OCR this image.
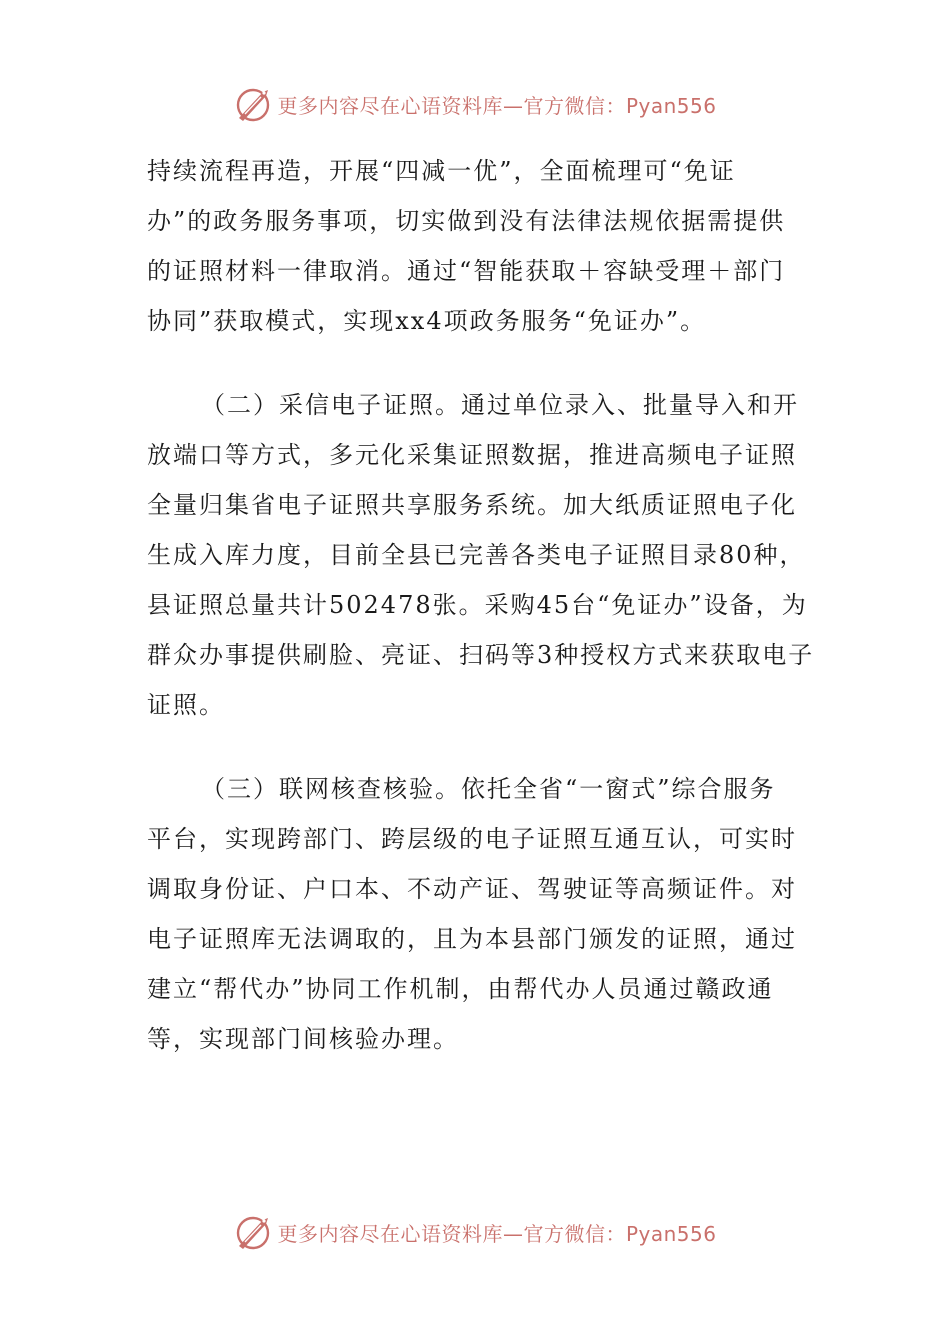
更多内容尽在心语资料库—官方微信：Pyan556

持续流程再造，开展“四减一优”，全面梳理可“免证
办”的政务服务事项，切实做到没有法律法规依据需提供
的证照材料一律取消。通过“智能获取＋容缺受理＋部门
协同”获取模式，实现xx4项政务服务“免证办”。

（二）采信电子证照。通过单位录入、批量导入和开
放端口等方式，多元化采集证照数据，推进高频电子证照
全量归集省电子证照共享服务系统。加大纸质证照电子化
生成入库力度，目前全县已完善各类电子证照目录80种，
县证照总量共计502478张。采购45台“免证办”设备，为
群众办事提供刷脸、亮证、扫码等3种授权方式来获取电子
证照。

（三）联网核查核验。依托全省“一窗式”综合服务
平台，实现跨部门、跨层级的电子证照互通互认，可实时
调取身份证、户口本、不动产证、驾驶证等高频证件。对
电子证照库无法调取的，且为本县部门颁发的证照，通过
建立“帮代办”协同工作机制，由帮代办人员通过赣政通
等，实现部门间核验办理。

更多内容尽在心语资料库—官方微信：Pyan556
